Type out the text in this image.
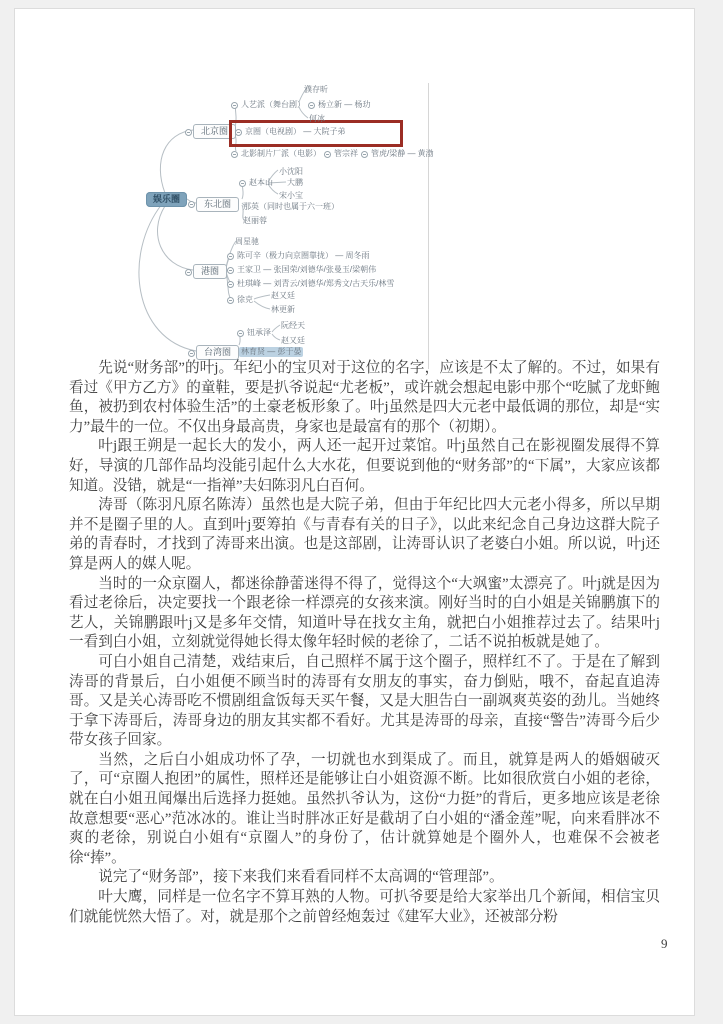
娱乐圈
北京圈
东北圈
港圈
台湾圈
濮存昕
人艺派（舞台剧） 杨立新 — 杨玏
何冰
京圈（电视剧） — 大院子弟
北影制片厂派（电影） 管宗祥 管虎/梁静 — 黄渤
小沈阳
赵本山 大鹏
宋小宝
那英（同时也属于六一班）
赵丽蓉
周星驰
陈可辛（极力向京圈靠拢） — 周冬雨
王家卫 — 张国荣/刘德华/张曼玉/梁朝伟
杜琪峰 — 刘青云/刘德华/郑秀文/古天乐/林雪
徐克 赵又廷
林更新
钮承泽
阮经天
赵又廷
林育贤 — 彭于晏

先说“财务部”的叶j。年纪小的宝贝对于这位的名字，应该是不太了解的。不过，如果有看过《甲方乙方》的童鞋，要是扒爷说起“尤老板”，或许就会想起电影中那个“吃腻了龙虾鲍鱼，被扔到农村体验生活”的土豪老板形象了。叶j虽然是四大元老中最低调的那位，却是“实力”最牛的一位。不仅出身最高贵，身家也是最富有的那个（初期）。

叶j跟王朔是一起长大的发小，两人还一起开过菜馆。叶j虽然自己在影视圈发展得不算好，导演的几部作品均没能引起什么大水花，但要说到他的“财务部”的“下属”，大家应该都知道。没错，就是“一指禅”夫妇陈羽凡白百何。

涛哥（陈羽凡原名陈涛）虽然也是大院子弟，但由于年纪比四大元老小得多，所以早期并不是圈子里的人。直到叶j要筹拍《与青春有关的日子》，以此来纪念自己身边这群大院子弟的青春时，才找到了涛哥来出演。也是这部剧，让涛哥认识了老婆白小姐。所以说，叶j还算是两人的媒人呢。

当时的一众京圈人，都迷徐静蕾迷得不得了，觉得这个“大飒蜜”太漂亮了。叶j就是因为看过老徐后，决定要找一个跟老徐一样漂亮的女孩来演。刚好当时的白小姐是关锦鹏旗下的艺人，关锦鹏跟叶j又是多年交情，知道叶导在找女主角，就把白小姐推荐过去了。结果叶j一看到白小姐，立刻就觉得她长得太像年轻时候的老徐了，二话不说拍板就是她了。

可白小姐自己清楚，戏结束后，自己照样不属于这个圈子，照样红不了。于是在了解到涛哥的背景后，白小姐便不顾当时的涛哥有女朋友的事实，奋力倒贴，哦不，奋起直追涛哥。又是关心涛哥吃不惯剧组盒饭每天买午餐，又是大胆告白一副飒爽英姿的劲儿。当她终于拿下涛哥后，涛哥身边的朋友其实都不看好。尤其是涛哥的母亲，直接“警告”涛哥今后少带女孩子回家。

当然，之后白小姐成功怀了孕，一切就也水到渠成了。而且，就算是两人的婚姻破灭了，可“京圈人抱团”的属性，照样还是能够让白小姐资源不断。比如很欣赏白小姐的老徐，就在白小姐丑闻爆出后选择力挺她。虽然扒爷认为，这份“力挺”的背后，更多地应该是老徐故意想要“恶心”范冰冰的。谁让当时胖冰正好是截胡了白小姐的“潘金莲”呢，向来看胖冰不爽的老徐，别说白小姐有“京圈人”的身份了，估计就算她是个圈外人，也难保不会被老徐“捧”。

说完了“财务部”，接下来我们来看看同样不太高调的“管理部”。

叶大鹰，同样是一位名字不算耳熟的人物。可扒爷要是给大家举出几个新闻，相信宝贝们就能恍然大悟了。对，就是那个之前曾经炮轰过《建军大业》，还被部分粉

9
